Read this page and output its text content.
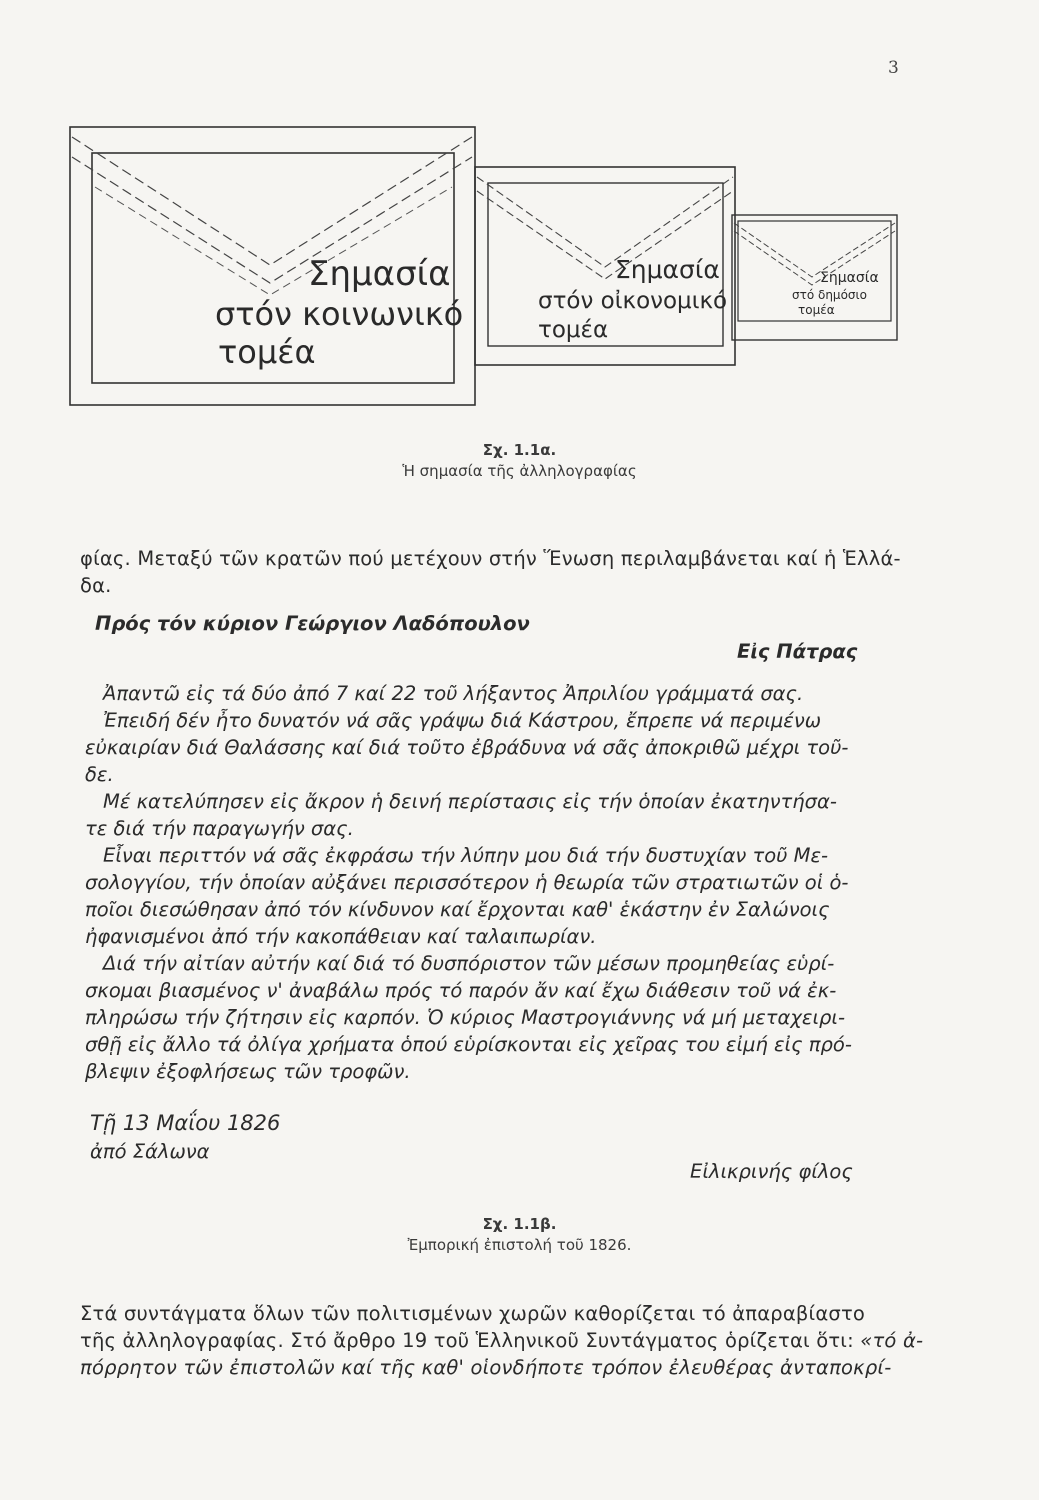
3
Σημασία
στόν κοινωνικό
τομέα
Σημασία
στόν οἰκονομικό
τομέα
Σημασία
στό δημόσιο
τομέα
Σχ. 1.1α.
Ἡ σημασία τῆς ἀλληλογραφίας
φίας. Μεταξύ τῶν κρατῶν πού μετέχουν στήν Ἕνωση περιλαμβάνεται καί ἡ Ἑλλά-
δα.
Πρός τόν κύριον Γεώργιον Λαδόπουλον
Εἰς Πάτρας

Ἀπαντῶ εἰς τά δύο ἀπό 7 καί 22 τοῦ λήξαντος Ἀπριλίου γράμματά σας.

Ἐπειδή δέν ἦτο δυνατόν νά σᾶς γράψω διά Κάστρου, ἔπρεπε νά περιμένω

εὐκαιρίαν διά Θαλάσσης καί διά τοῦτο ἐβράδυνα νά σᾶς ἀποκριθῶ μέχρι τοῦ-

δε.

Μέ κατελύπησεν εἰς ἄκρον ἡ δεινή περίστασις εἰς τήν ὁποίαν ἐκατηντήσα-

τε διά τήν παραγωγήν σας.

Εἶναι περιττόν νά σᾶς ἐκφράσω τήν λύπην μου διά τήν δυστυχίαν τοῦ Με-

σολογγίου, τήν ὁποίαν αὐξάνει περισσότερον ἡ θεωρία τῶν στρατιωτῶν οἱ ὁ-

ποῖοι διεσώθησαν ἀπό τόν κίνδυνον καί ἔρχονται καθ' ἑκάστην ἐν Σαλώνοις

ἠφανισμένοι ἀπό τήν κακοπάθειαν καί ταλαιπωρίαν.

Διά τήν αἰτίαν αὐτήν καί διά τό δυσπόριστον τῶν μέσων προμηθείας εὑρί-

σκομαι βιασμένος ν' ἀναβάλω πρός τό παρόν ἄν καί ἔχω διάθεσιν τοῦ νά ἐκ-

πληρώσω τήν ζήτησιν εἰς καρπόν. Ὁ κύριος Μαστρογιάννης νά μή μεταχειρι-

σθῇ εἰς ἄλλο τά ὀλίγα χρήματα ὁπού εὑρίσκονται εἰς χεῖρας του εἰμή εἰς πρό-

βλεψιν ἐξοφλήσεως τῶν τροφῶν.

Τῇ 13 Μαΐου 1826
ἀπό Σάλωνα
Εἰλικρινής φίλος
Σχ. 1.1β.
Ἐμπορική ἐπιστολή τοῦ 1826.
Στά συντάγματα ὅλων τῶν πολιτισμένων χωρῶν καθορίζεται τό ἀπαραβίαστο
τῆς ἀλληλογραφίας. Στό ἄρθρο 19 τοῦ Ἑλληνικοῦ Συντάγματος ὁρίζεται ὅτι: «τό ἀ-
πόρρητον τῶν ἐπιστολῶν καί τῆς καθ' οἱονδήποτε τρόπον ἐλευθέρας ἀνταποκρί-
